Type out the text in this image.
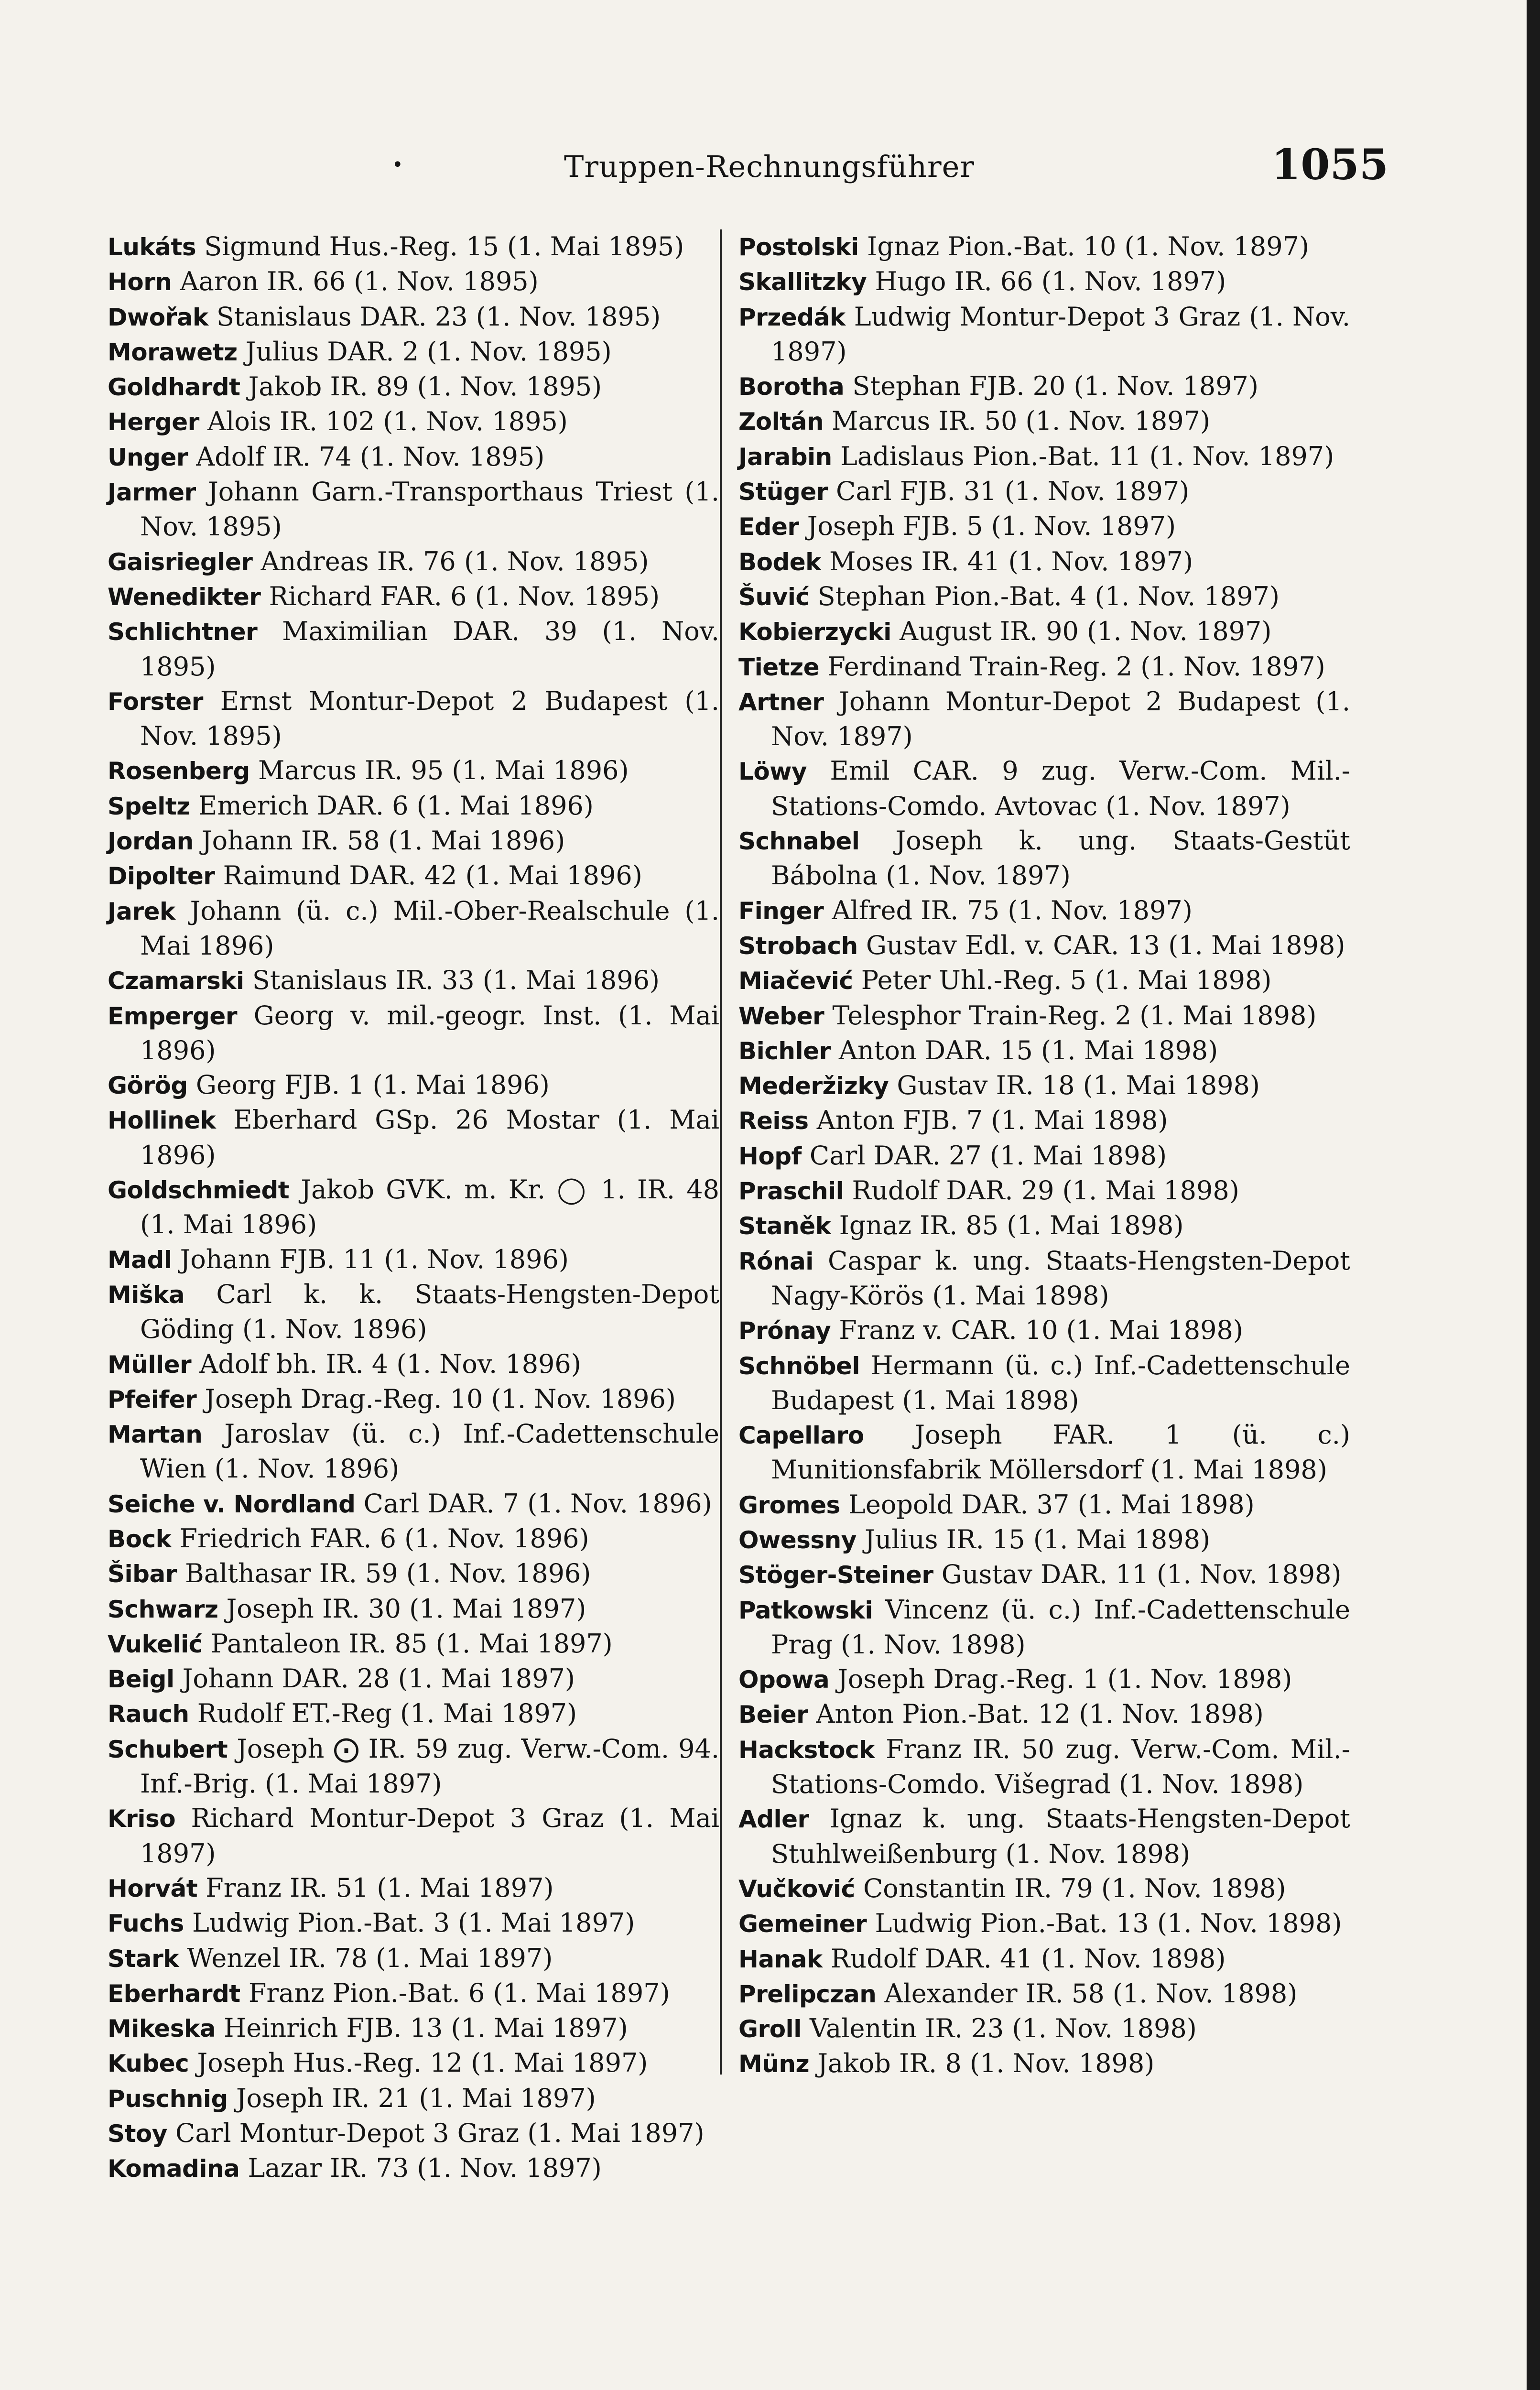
•	Truppen-Rechnungsführer	1055

Lukáts Sigmund Hus.-Reg. 15 (1. Mai 1895)

Horn Aaron IR. 66 (1. Nov. 1895)

Dwořak Stanislaus DAR. 23 (1. Nov. 1895)

Morawetz Julius DAR. 2 (1. Nov. 1895)

Goldhardt Jakob IR. 89 (1. Nov. 1895)

Herger Alois IR. 102 (1. Nov. 1895)

Unger Adolf IR. 74 (1. Nov. 1895)

Jarmer Johann Garn.-Transporthaus Triest (1. Nov. 1895)

Gaisriegler Andreas IR. 76 (1. Nov. 1895)

Wenedikter Richard FAR. 6 (1. Nov. 1895)

Schlichtner Maximilian DAR. 39 (1. Nov. 1895)

Forster Ernst Montur-Depot 2 Budapest (1. Nov. 1895)

Rosenberg Marcus IR. 95 (1. Mai 1896)

Speltz Emerich DAR. 6 (1. Mai 1896)

Jordan Johann IR. 58 (1. Mai 1896)

Dipolter Raimund DAR. 42 (1. Mai 1896)

Jarek Johann (ü. c.) Mil.-Ober-Realschule (1. Mai 1896)

Czamarski Stanislaus IR. 33 (1. Mai 1896)

Emperger Georg v. mil.-geogr. Inst. (1. Mai 1896)

Görög Georg FJB. 1 (1. Mai 1896)

Hollinek Eberhard GSp. 26 Mostar (1. Mai 1896)

Goldschmiedt Jakob GVK. m. Kr. ◯ 1. IR. 48 (1. Mai 1896)

Madl Johann FJB. 11 (1. Nov. 1896)

Miška Carl k. k. Staats-Hengsten-Depot Göding (1. Nov. 1896)

Müller Adolf bh. IR. 4 (1. Nov. 1896)

Pfeifer Joseph Drag.-Reg. 10 (1. Nov. 1896)

Martan Jaroslav (ü. c.) Inf.-Cadettenschule Wien (1. Nov. 1896)

Seiche v. Nordland Carl DAR. 7 (1. Nov. 1896)

Bock Friedrich FAR. 6 (1. Nov. 1896)

Šibar Balthasar IR. 59 (1. Nov. 1896)

Schwarz Joseph IR. 30 (1. Mai 1897)

Vukelić Pantaleon IR. 85 (1. Mai 1897)

Beigl Johann DAR. 28 (1. Mai 1897)

Rauch Rudolf ET.-Reg (1. Mai 1897)

Schubert Joseph ⨀ IR. 59 zug. Verw.-Com. 94. Inf.-Brig. (1. Mai 1897)

Kriso Richard Montur-Depot 3 Graz (1. Mai 1897)

Horvát Franz IR. 51 (1. Mai 1897)

Fuchs Ludwig Pion.-Bat. 3 (1. Mai 1897)

Stark Wenzel IR. 78 (1. Mai 1897)

Eberhardt Franz Pion.-Bat. 6 (1. Mai 1897)

Mikeska Heinrich FJB. 13 (1. Mai 1897)

Kubec Joseph Hus.-Reg. 12 (1. Mai 1897)

Puschnig Joseph IR. 21 (1. Mai 1897)

Stoy Carl Montur-Depot 3 Graz (1. Mai 1897)

Komadina Lazar IR. 73 (1. Nov. 1897)

Postolski Ignaz Pion.-Bat. 10 (1. Nov. 1897)

Skallitzky Hugo IR. 66 (1. Nov. 1897)

Przedák Ludwig Montur-Depot 3 Graz (1. Nov. 1897)

Borotha Stephan FJB. 20 (1. Nov. 1897)

Zoltán Marcus IR. 50 (1. Nov. 1897)

Jarabin Ladislaus Pion.-Bat. 11 (1. Nov. 1897)

Stüger Carl FJB. 31 (1. Nov. 1897)

Eder Joseph FJB. 5 (1. Nov. 1897)

Bodek Moses IR. 41 (1. Nov. 1897)

Šuvić Stephan Pion.-Bat. 4 (1. Nov. 1897)

Kobierzycki August IR. 90 (1. Nov. 1897)

Tietze Ferdinand Train-Reg. 2 (1. Nov. 1897)

Artner Johann Montur-Depot 2 Budapest (1. Nov. 1897)

Löwy Emil CAR. 9 zug. Verw.-Com. Mil.-Stations-Comdo. Avtovac (1. Nov. 1897)

Schnabel Joseph k. ung. Staats-Gestüt Bábolna (1. Nov. 1897)

Finger Alfred IR. 75 (1. Nov. 1897)

Strobach Gustav Edl. v. CAR. 13 (1. Mai 1898)

Miačević Peter Uhl.-Reg. 5 (1. Mai 1898)

Weber Telesphor Train-Reg. 2 (1. Mai 1898)

Bichler Anton DAR. 15 (1. Mai 1898)

Mederžizky Gustav IR. 18 (1. Mai 1898)

Reiss Anton FJB. 7 (1. Mai 1898)

Hopf Carl DAR. 27 (1. Mai 1898)

Praschil Rudolf DAR. 29 (1. Mai 1898)

Staněk Ignaz IR. 85 (1. Mai 1898)

Rónai Caspar k. ung. Staats-Hengsten-Depot Nagy-Körös (1. Mai 1898)

Prónay Franz v. CAR. 10 (1. Mai 1898)

Schnöbel Hermann (ü. c.) Inf.-Cadettenschule Budapest (1. Mai 1898)

Capellaro Joseph FAR. 1 (ü. c.) Munitionsfabrik Möllersdorf (1. Mai 1898)

Gromes Leopold DAR. 37 (1. Mai 1898)

Owessny Julius IR. 15 (1. Mai 1898)

Stöger-Steiner Gustav DAR. 11 (1. Nov. 1898)

Patkowski Vincenz (ü. c.) Inf.-Cadettenschule Prag (1. Nov. 1898)

Opowa Joseph Drag.-Reg. 1 (1. Nov. 1898)

Beier Anton Pion.-Bat. 12 (1. Nov. 1898)

Hackstock Franz IR. 50 zug. Verw.-Com. Mil.-Stations-Comdo. Višegrad (1. Nov. 1898)

Adler Ignaz k. ung. Staats-Hengsten-Depot Stuhlweißenburg (1. Nov. 1898)

Vučković Constantin IR. 79 (1. Nov. 1898)

Gemeiner Ludwig Pion.-Bat. 13 (1. Nov. 1898)

Hanak Rudolf DAR. 41 (1. Nov. 1898)

Prelipczan Alexander IR. 58 (1. Nov. 1898)

Groll Valentin IR. 23 (1. Nov. 1898)

Münz Jakob IR. 8 (1. Nov. 1898)
